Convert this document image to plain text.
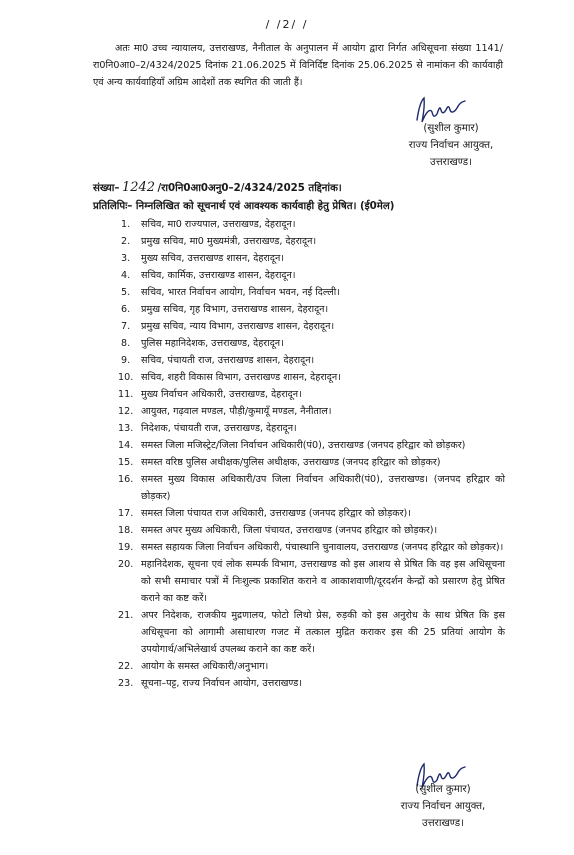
/ /2/ /
अतः मा0 उच्च न्यायालय, उत्तराखण्ड, नैनीताल के अनुपालन में आयोग द्वारा निर्गत अधिसूचना संख्या 1141/रा0नि0आ0–2/4324/2025 दिनांक 21.06.2025 में विनिर्दिष्ट दिनांक 25.06.2025 से नामांकन की कार्यवाही एवं अन्य कार्यवाहियॉं अग्रिम आदेशों तक स्थगित की जाती हैं।
(सुशील कुमार)
राज्य निर्वाचन आयुक्त,
उत्तराखण्ड।
संख्या– 1242 /रा0नि0आ0अनु0–2/4324/2025 तद्दिनांक।
प्रतिलिपिः– निम्नलिखित को सूचनार्थ एवं आवश्यक कार्यवाही हेतु प्रेषित। (ई0मेल)
1. सचिव, मा0 राज्यपाल, उत्तराखण्ड, देहरादून।
2. प्रमुख सचिव, मा0 मुख्यमंत्री, उत्तराखण्ड, देहरादून।
3. मुख्य सचिव, उत्तराखण्ड शासन, देहरादून।
4. सचिव, कार्मिक, उत्तराखण्ड शासन, देहरादून।
5. सचिव, भारत निर्वाचन आयोग, निर्वाचन भवन, नई दिल्ली।
6. प्रमुख सचिव, गृह विभाग, उत्तराखण्ड शासन, देहरादून।
7. प्रमुख सचिव, न्याय विभाग, उत्तराखण्ड शासन, देहरादून।
8. पुलिस महानिदेशक, उत्तराखण्ड, देहरादून।
9. सचिव, पंचायती राज, उत्तराखण्ड शासन, देहरादून।
10. सचिव, शहरी विकास विभाग, उत्तराखण्ड शासन, देहरादून।
11. मुख्य निर्वाचन अधिकारी, उत्तराखण्ड, देहरादून।
12. आयुक्त, गढ़वाल मण्डल, पौड़ी/कुमायूँ मण्डल, नैनीताल।
13. निदेशक, पंचायती राज, उत्तराखण्ड, देहरादून।
14. समस्त जिला मजिस्ट्रेट/जिला निर्वाचन अधिकारी(पं0), उत्तराखण्ड (जनपद हरिद्वार को छोड़कर)
15. समस्त वरिष्ठ पुलिस अधीक्षक/पुलिस अधीक्षक, उत्तराखण्ड (जनपद हरिद्वार को छोड़कर)
16. समस्त मुख्य विकास अधिकारी/उप जिला निर्वाचन अधिकारी(पं0), उत्तराखण्ड। (जनपद हरिद्वार को छोड़कर)
17. समस्त जिला पंचायत राज अधिकारी, उत्तराखण्ड (जनपद हरिद्वार को छोड़कर)।
18. समस्त अपर मुख्य अधिकारी, जिला पंचायत, उत्तराखण्ड (जनपद हरिद्वार को छोड़कर)।
19. समस्त सहायक जिला निर्वाचन अधिकारी, पंचास्थानि चुनावालय, उत्तराखण्ड (जनपद हरिद्वार को छोड़कर)।
20. महानिदेशक, सूचना एवं लोक सम्पर्क विभाग, उत्तराखण्ड को इस आशय से प्रेषित कि वह इस अधिसूचना को सभी समाचार पत्रों में निःशुल्क प्रकाशित कराने व आकाशवाणी/दूरदर्शन केन्द्रों को प्रसारण हेतु प्रेषित कराने का कष्ट करें।
21. अपर निदेशक, राजकीय मुद्रणालय, फोटो लिथो प्रेस, रुड़की को इस अनुरोध के साथ प्रेषित कि इस अधिसूचना को आगामी असाधारण गजट में तत्काल मुद्रित कराकर इस की 25 प्रतियां आयोग के उपयोगार्थ/अभिलेखार्थ उपलब्ध कराने का कष्ट करें।
22. आयोग के समस्त अधिकारी/अनुभाग।
23. सूचना–पट्ट, राज्य निर्वाचन आयोग, उत्तराखण्ड।
(सुशील कुमार)
राज्य निर्वाचन आयुक्त,
उत्तराखण्ड।
